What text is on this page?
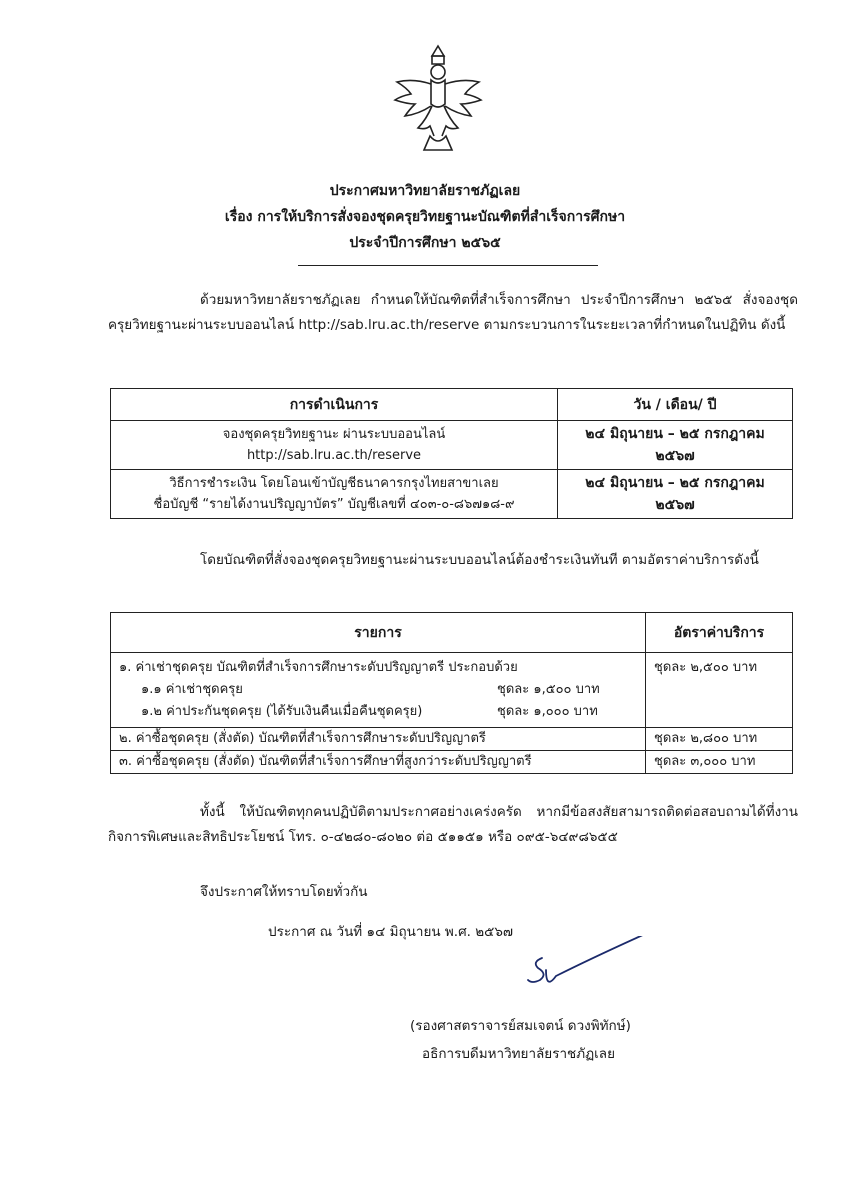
ประกาศมหาวิทยาลัยราชภัฏเลย
เรื่อง การให้บริการสั่งจองชุดครุยวิทยฐานะบัณฑิตที่สำเร็จการศึกษา
ประจำปีการศึกษา ๒๕๖๕
ด้วยมหาวิทยาลัยราชภัฏเลย กำหนดให้บัณฑิตที่สำเร็จการศึกษา ประจำปีการศึกษา ๒๕๖๕ สั่งจองชุดครุยวิทยฐานะผ่านระบบออนไลน์ http://sab.lru.ac.th/reserve ตามกระบวนการในระยะเวลาที่กำหนดในปฏิทิน ดังนี้
การดำเนินการ	วัน / เดือน/ ปี

จองชุดครุยวิทยฐานะ ผ่านระบบออนไลน์
http://sab.lru.ac.th/reserve	๒๔ มิถุนายน – ๒๕ กรกฎาคม ๒๕๖๗

วิธีการชำระเงิน โดยโอนเข้าบัญชีธนาคารกรุงไทยสาขาเลย
ชื่อบัญชี “รายได้งานปริญญาบัตร” บัญชีเลขที่ ๔๐๓-๐-๘๖๗๑๘-๙	๒๔ มิถุนายน – ๒๕ กรกฎาคม ๒๕๖๗
โดยบัณฑิตที่สั่งจองชุดครุยวิทยฐานะผ่านระบบออนไลน์ต้องชำระเงินทันที ตามอัตราค่าบริการดังนี้
รายการ	อัตราค่าบริการ

๑. ค่าเช่าชุดครุย บัณฑิตที่สำเร็จการศึกษาระดับปริญญาตรี ประกอบด้วย
๑.๑ ค่าเช่าชุดครุย ชุดละ ๑,๕๐๐ บาท
๑.๒ ค่าประกันชุดครุย (ได้รับเงินคืนเมื่อคืนชุดครุย) ชุดละ ๑,๐๐๐ บาท	ชุดละ ๒,๕๐๐ บาท
๒. ค่าซื้อชุดครุย (สั่งตัด) บัณฑิตที่สำเร็จการศึกษาระดับปริญญาตรี	ชุดละ ๒,๘๐๐ บาท
๓. ค่าซื้อชุดครุย (สั่งตัด) บัณฑิตที่สำเร็จการศึกษาที่สูงกว่าระดับปริญญาตรี	ชุดละ ๓,๐๐๐ บาท
ทั้งนี้ ให้บัณฑิตทุกคนปฏิบัติตามประกาศอย่างเคร่งครัด หากมีข้อสงสัยสามารถติดต่อสอบถามได้ที่งานกิจการพิเศษและสิทธิประโยชน์ โทร. ๐-๔๒๘๐-๘๐๒๐ ต่อ ๕๑๑๕๑ หรือ ๐๙๕-๖๔๙๘๖๕๕
จึงประกาศให้ทราบโดยทั่วกัน
ประกาศ ณ วันที่ ๑๔ มิถุนายน พ.ศ. ๒๕๖๗
(รองศาสตราจารย์สมเจตน์ ดวงพิทักษ์)
อธิการบดีมหาวิทยาลัยราชภัฏเลย
